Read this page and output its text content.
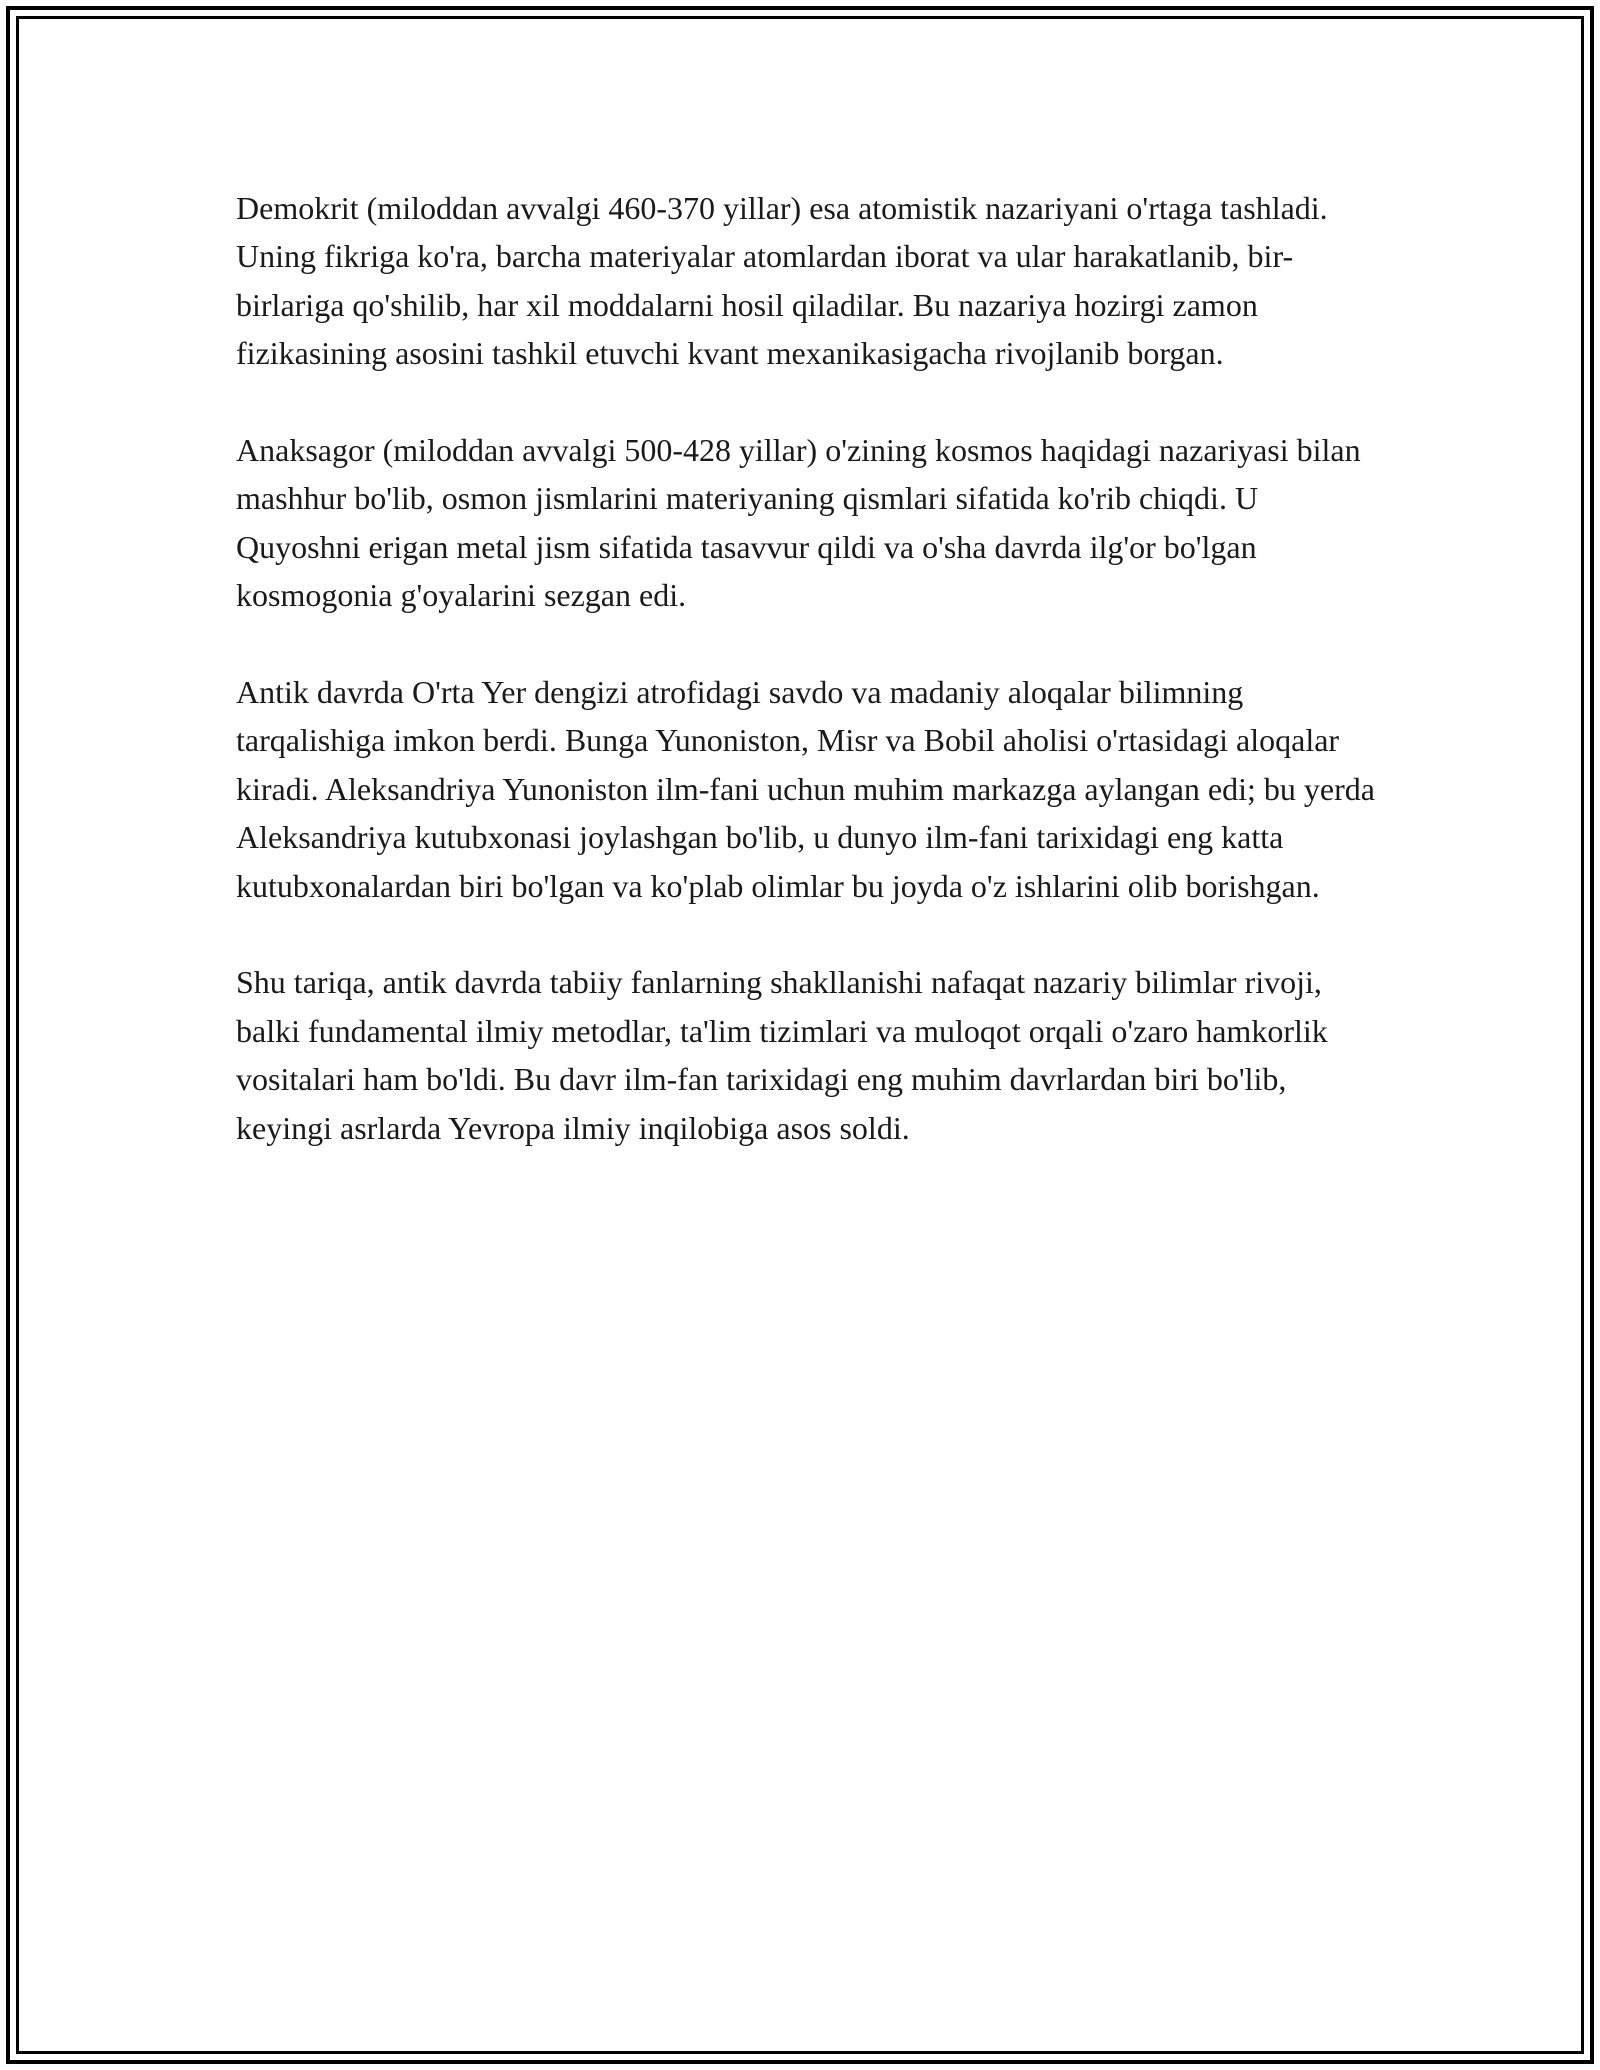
Demokrit (miloddan avvalgi 460-370 yillar) esa atomistik nazariyani o'rtaga tashladi. Uning fikriga ko'ra, barcha materiyalar atomlardan iborat va ular harakatlanib, bir-birlariga qo'shilib, har xil moddalarni hosil qiladilar. Bu nazariya hozirgi zamon fizikasining asosini tashkil etuvchi kvant mexanikasigacha rivojlanib borgan.

Anaksagor (miloddan avvalgi 500-428 yillar) o'zining kosmos haqidagi nazariyasi bilan mashhur bo'lib, osmon jismlarini materiyaning qismlari sifatida ko'rib chiqdi. U Quyoshni erigan metal jism sifatida tasavvur qildi va o'sha davrda ilg'or bo'lgan kosmogonia g'oyalarini sezgan edi.

Antik davrda O'rta Yer dengizi atrofidagi savdo va madaniy aloqalar bilimning tarqalishiga imkon berdi. Bunga Yunoniston, Misr va Bobil aholisi o'rtasidagi aloqalar kiradi. Aleksandriya Yunoniston ilm-fani uchun muhim markazga aylangan edi; bu yerda Aleksandriya kutubxonasi joylashgan bo'lib, u dunyo ilm-fani tarixidagi eng katta kutubxonalardan biri bo'lgan va ko'plab olimlar bu joyda o'z ishlarini olib borishgan.

Shu tariqa, antik davrda tabiiy fanlarning shakllanishi nafaqat nazariy bilimlar rivoji, balki fundamental ilmiy metodlar, ta'lim tizimlari va muloqot orqali o'zaro hamkorlik vositalari ham bo'ldi. Bu davr ilm-fan tarixidagi eng muhim davrlardan biri bo'lib, keyingi asrlarda Yevropa ilmiy inqilobiga asos soldi.
